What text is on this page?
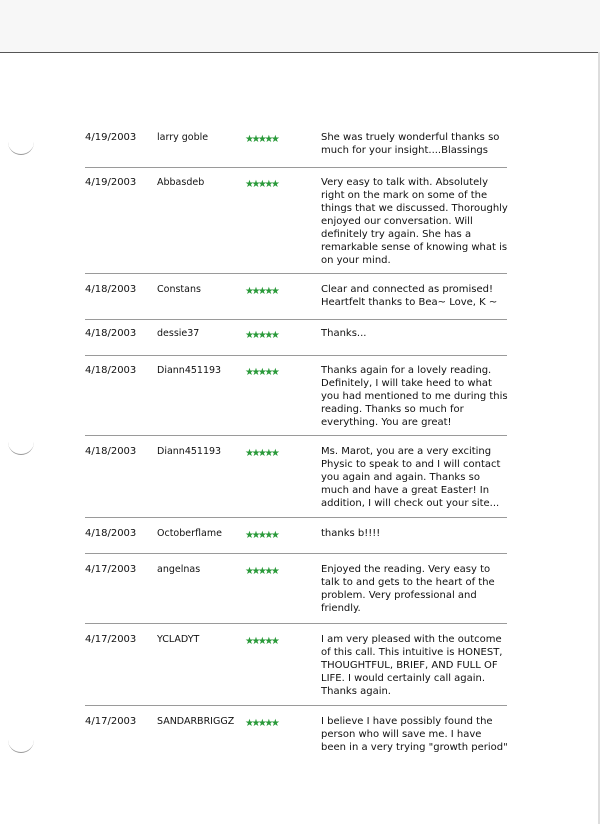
4/19/2003 larry goble	★★★★★	She was truely wonderful thanks so
much for your insight....Blassings
4/19/2003 Abbasdeb	★★★★★	Very easy to talk with. Absolutely
right on the mark on some of the
things that we discussed. Thoroughly
enjoyed our conversation. Will
definitely try again. She has a
remarkable sense of knowing what is
on your mind.
4/18/2003 Constans	★★★★★	Clear and connected as promised!
Heartfelt thanks to Bea~ Love, K ~
4/18/2003 dessie37	★★★★★	Thanks...
4/18/2003 Diann451193 ★★★★★	Thanks again for a lovely reading.
Definitely, I will take heed to what
you had mentioned to me during this
reading. Thanks so much for
everything. You are great!
4/18/2003 Diann451193 ★★★★★	Ms. Marot, you are a very exciting
Physic to speak to and I will contact
you again and again. Thanks so
much and have a great Easter! In
addition, I will check out your site...
4/18/2003 Octoberflame ★★★★★	thanks b!!!!
4/17/2003 angelnas	★★★★★	Enjoyed the reading. Very easy to
talk to and gets to the heart of the
problem. Very professional and
friendly.
4/17/2003 YCLADYT	★★★★★	I am very pleased with the outcome
of this call. This intuitive is HONEST,
THOUGHTFUL, BRIEF, AND FULL OF
LIFE. I would certainly call again.
Thanks again.
4/17/2003 SANDARBRIGGZ ★★★★★	I believe I have possibly found the
person who will save me. I have
been in a very trying "growth period"
